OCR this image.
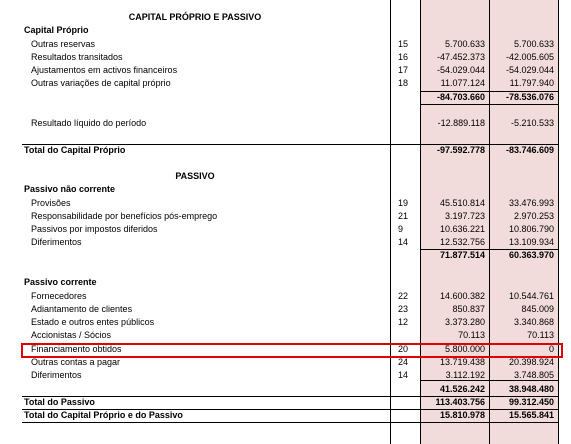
CAPITAL PRÓPRIO E PASSIVO
Capital Próprio
Outras reservas	15	5.700.633	5.700.633
Resultados transitados	16	-47.452.373 -42.005.605
Ajustamentos em activos financeiros	17	-54.029.044 -54.029.044
Outras variações de capital próprio	18	11.077.124	11.797.940
-84.703.660 -78.536.076
Resultado líquido do período	-12.889.118	-5.210.533
Total do Capital Próprio	-97.592.778 -83.746.609
PASSIVO
Passivo não corrente
Provisões	19	45.510.814	33.476.993
Responsabilidade por benefícios pós-emprego	21	3.197.723	2.970.253
Passivos por impostos diferidos	9	10.636.221	10.806.790
Diferimentos	14	12.532.756	13.109.934
71.877.514	60.363.970
Passivo corrente
Fornecedores	22	14.600.382	10.544.761
Adiantamento de clientes	23	850.837	845.009
Estado e outros entes públicos	12	3.373.280	3.340.868
Accionistas / Sócios	70.113	70.113
Financiamento obtidos	20	5.800.000	0
Outras contas a pagar	24	13.719.438	20.398.924
Diferimentos	14	3.112.192	3.748.805
41.526.242	38.948.480
Total do Passivo	113.403.756	99.312.450
Total do Capital Próprio e do Passivo	15.810.978	15.565.841
